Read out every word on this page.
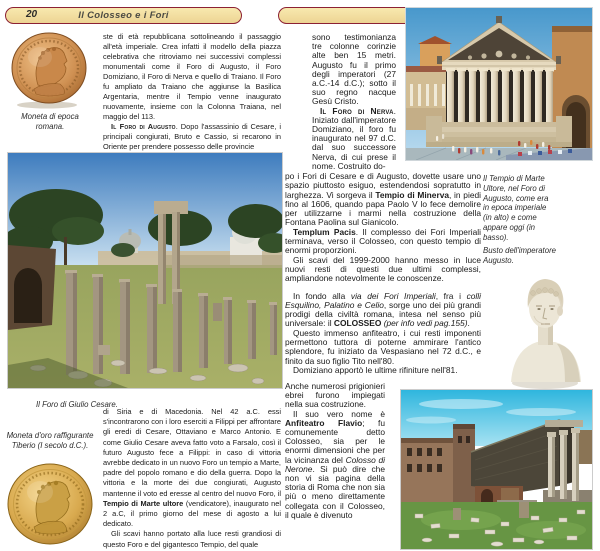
20	Il Colosseo e i Fori
Moneta di epoca romana.

ste di età repubblicana sottolineando il passaggio all'età imperiale. Crea infatti il modello della piazza celebrativa che ritroviamo nei successivi complessi monumentali come il Foro di Augusto, il Foro Domiziano, il Foro di Nerva e quello di Traiano. Il Foro fu ampliato da Traiano che aggiunse la Basilica Argentaria, mentre il Tempio venne inaugurato nuovamente, insieme con la Colonna Traiana, nel maggio del 113.

Il Foro di Augusto. Dopo l'assassinio di Cesare, i principali congiurati, Bruto e Cassio, si recarono in Oriente per prendere possesso delle provincie

Il Foro di Giulio Cesare.

di Siria e di Macedonia. Nel 42 a.C. essi s'incontrarono con i loro eserciti a Filippi per affrontare gli eredi di Cesare, Ottaviano e Marco Antonio. E come Giulio Cesare aveva fatto voto a Farsalo, così il futuro Augusto fece a Filippi: in caso di vittoria avrebbe dedicato in un nuovo Foro un tempio a Marte, padre del popolo romano e dio della guerra. Dopo la vittoria e la morte dei due congiurati, Augusto mantenne il voto ed eresse al centro del nuovo Foro, il Tempio di Marte ultore (vendicatore), inaugurato nel 2 a.C, il primo giorno del mese di agosto a lui dedicato.

Gli scavi hanno portato alla luce resti grandiosi di questo Foro e del gigantesco Tempio, del quale

Moneta d'oro raffigurante Tiberio (I secolo d.C.).

sono testimonianza tre colonne corinzie alte ben 15 metri. Augusto fu il primo degli imperatori (27 a.C.-14 d.C.); sotto il suo regno nacque Gesù Cristo.

Il Foro di Nerva. Iniziato dall'imperatore Domiziano, il foro fu inaugurato nel 97 d.C. dal suo successore Nerva, di cui prese il nome. Costruito do-

po i Fori di Cesare e di Augusto, dovette usare uno spazio piuttosto esiguo, estendendosi sopratutto in larghezza. Vi sorgeva il Tempio di Minerva, in piedi fino al 1606, quando papa Paolo V lo fece demolire per utilizzarne i marmi nella costruzione della Fontana Paolina sul Gianicolo.

Templum Pacis. Il complesso dei Fori Imperiali terminava, verso il Colosseo, con questo tempio di enormi proporzioni.

Gli scavi del 1999-2000 hanno messo in luce nuovi resti di questi due ultimi complessi, ampliandone notevolmente le conoscenze.

In fondo alla via dei Fori Imperiali, fra i colli Esquilino, Palatino e Celio, sorge uno dei più grandi prodigi della civiltà romana, intesa nel senso più universale: il COLOSSEO (per info vedi pag.155).

Questo immenso anfiteatro, i cui resti imponenti permettono tuttora di poterne ammirare l'antico splendore, fu iniziato da Vespasiano nel 72 d.C., e finito da suo figlio Tito nell'80.

Domiziano apportò le ultime rifiniture nell'81.

Il Tempio di Marte Ultore, nel Foro di Augusto, come era in epoca imperiale (in alto) e come appare oggi (in basso).
Busto dell'imperatore Augusto.

Anche numerosi prigionieri ebrei furono impiegati nella sua costruzione.

Il suo vero nome è Anfiteatro Flavio; fu comunemente detto Colosseo, sia per le enormi dimensioni che per la vicinanza del Colosso di Nerone. Si può dire che non vi sia pagina della storia di Roma che non sia più o meno direttamente collegata con il Colosseo, il quale è divenuto
